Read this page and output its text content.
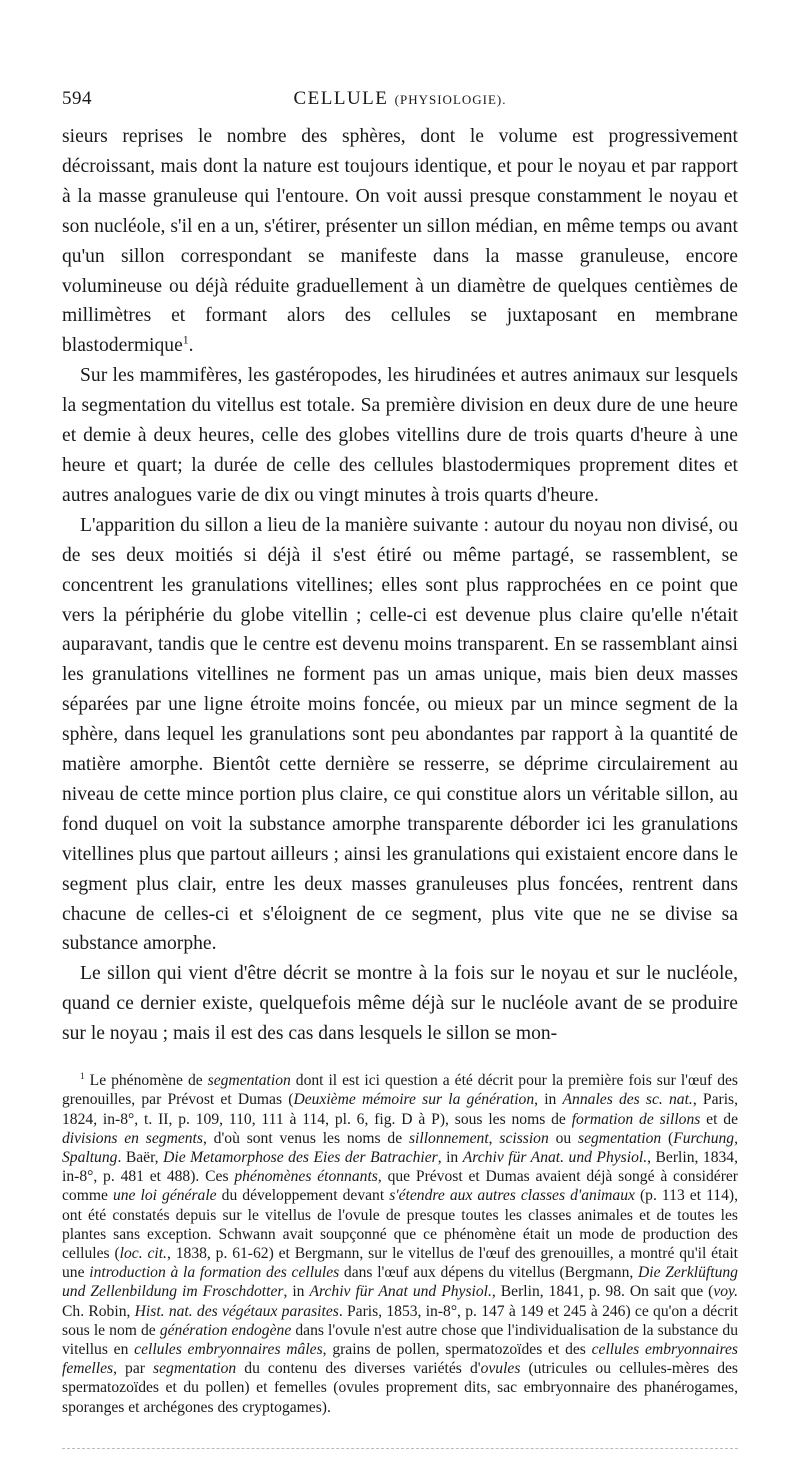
594	CELLULE (PHYSIOLOGIE).

sieurs reprises le nombre des sphères, dont le volume est progressivement décroissant, mais dont la nature est toujours identique, et pour le noyau et par rapport à la masse granuleuse qui l'entoure. On voit aussi presque constamment le noyau et son nucléole, s'il en a un, s'étirer, présenter un sillon médian, en même temps ou avant qu'un sillon correspondant se manifeste dans la masse granuleuse, encore volumineuse ou déjà réduite graduellement à un diamètre de quelques centièmes de millimètres et formant alors des cellules se juxtaposant en membrane blastodermique$^1$.

Sur les mammifères, les gastéropodes, les hirudinées et autres animaux sur lesquels la segmentation du vitellus est totale. Sa première division en deux dure de une heure et demie à deux heures, celle des globes vitellins dure de trois quarts d'heure à une heure et quart; la durée de celle des cellules blastodermiques proprement dites et autres analogues varie de dix ou vingt minutes à trois quarts d'heure.

L'apparition du sillon a lieu de la manière suivante : autour du noyau non divisé, ou de ses deux moitiés si déjà il s'est étiré ou même partagé, se rassemblent, se concentrent les granulations vitellines; elles sont plus rapprochées en ce point que vers la périphérie du globe vitellin ; celle-ci est devenue plus claire qu'elle n'était auparavant, tandis que le centre est devenu moins transparent. En se rassemblant ainsi les granulations vitellines ne forment pas un amas unique, mais bien deux masses séparées par une ligne étroite moins foncée, ou mieux par un mince segment de la sphère, dans lequel les granulations sont peu abondantes par rapport à la quantité de matière amorphe. Bientôt cette dernière se resserre, se déprime circulairement au niveau de cette mince portion plus claire, ce qui constitue alors un véritable sillon, au fond duquel on voit la substance amorphe transparente déborder ici les granulations vitellines plus que partout ailleurs ; ainsi les granulations qui existaient encore dans le segment plus clair, entre les deux masses granuleuses plus foncées, rentrent dans chacune de celles-ci et s'éloignent de ce segment, plus vite que ne se divise sa substance amorphe.

Le sillon qui vient d'être décrit se montre à la fois sur le noyau et sur le nucléole, quand ce dernier existe, quelquefois même déjà sur le nucléole avant de se produire sur le noyau ; mais il est des cas dans lesquels le sillon se mon-

$^1$ Le phénomène de segmentation dont il est ici question a été décrit pour la première fois sur l'œuf des grenouilles, par Prévost et Dumas (Deuxième mémoire sur la génération, in Annales des sc. nat., Paris, 1824, in-8°, t. II, p. 109, 110, 111 à 114, pl. 6, fig. D à P), sous les noms de formation de sillons et de divisions en segments, d'où sont venus les noms de sillonnement, scission ou segmentation (Furchung, Spaltung. Baër, Die Metamorphose des Eies der Batrachier, in Archiv für Anat. und Physiol., Berlin, 1834, in-8°, p. 481 et 488). Ces phénomènes étonnants, que Prévost et Dumas avaient déjà songé à considérer comme une loi générale du développement devant s'étendre aux autres classes d'animaux (p. 113 et 114), ont été constatés depuis sur le vitellus de l'ovule de presque toutes les classes animales et de toutes les plantes sans exception. Schwann avait soupçonné que ce phénomène était un mode de production des cellules (loc. cit., 1838, p. 61-62) et Bergmann, sur le vitellus de l'œuf des grenouilles, a montré qu'il était une introduction à la formation des cellules dans l'œuf aux dépens du vitellus (Bergmann, Die Zerklüftung und Zellenbildung im Froschdotter, in Archiv für Anat und Physiol., Berlin, 1841, p. 98. On sait que (voy. Ch. Robin, Hist. nat. des végétaux parasites. Paris, 1853, in-8°, p. 147 à 149 et 245 à 246) ce qu'on a décrit sous le nom de génération endogène dans l'ovule n'est autre chose que l'individualisation de la substance du vitellus en cellules embryonnaires mâles, grains de pollen, spermatozoïdes et des cellules embryonnaires femelles, par segmentation du contenu des diverses variétés d'ovules (utricules ou cellules-mères des spermatozoïdes et du pollen) et femelles (ovules proprement dits, sac embryonnaire des phanérogames, sporanges et archégones des cryptogames).
